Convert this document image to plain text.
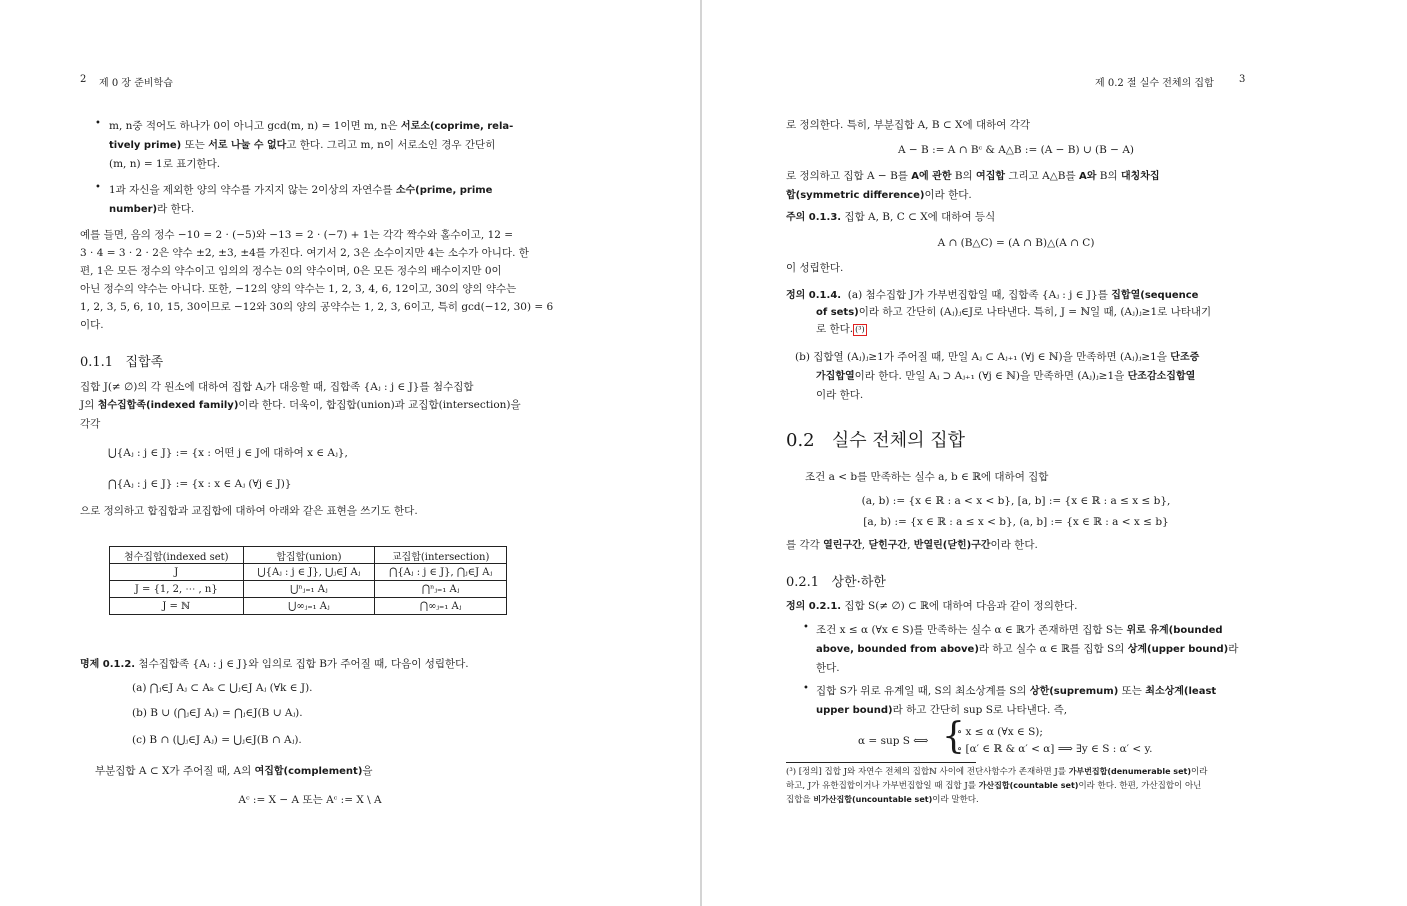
2 제 0 장 준비학습
• m, n중 적어도 하나가 0이 아니고 gcd(m, n) = 1이면 m, n은 서로소(coprime, rela-
tively prime) 또는 서로 나눌 수 없다고 한다. 그리고 m, n이 서로소인 경우 간단히
(m, n) = 1로 표기한다.
• 1과 자신을 제외한 양의 약수를 가지지 않는 2이상의 자연수를 소수(prime, prime
number)라 한다.
예를 들면, 음의 정수 −10 = 2 · (−5)와 −13 = 2 · (−7) + 1는 각각 짝수와 홀수이고, 12 =
3 · 4 = 3 · 2 · 2은 약수 ±2, ±3, ±4를 가진다. 여기서 2, 3은 소수이지만 4는 소수가 아니다. 한
편, 1은 모든 정수의 약수이고 임의의 정수는 0의 약수이며, 0은 모든 정수의 배수이지만 0이
아닌 정수의 약수는 아니다. 또한, −12의 양의 약수는 1, 2, 3, 4, 6, 12이고, 30의 양의 약수는
1, 2, 3, 5, 6, 10, 15, 30이므로 −12와 30의 양의 공약수는 1, 2, 3, 6이고, 특히 gcd(−12, 30) = 6
이다.
0.1.1 집합족
집합 J(≠ ∅)의 각 원소에 대하여 집합 Aⱼ가 대응할 때, 집합족 {Aⱼ : j ∈ J}를 첨수집합
J의 첨수집합족(indexed family)이라 한다. 더욱이, 합집합(union)과 교집합(intersection)을
각각
⋃{Aⱼ : j ∈ J} := {x : 어떤 j ∈ J에 대하여 x ∈ Aⱼ},
⋂{Aⱼ : j ∈ J} := {x : x ∈ Aⱼ (∀j ∈ J)}
으로 정의하고 합집합과 교집합에 대하여 아래와 같은 표현을 쓰기도 한다.
첨수집합(indexed set)	합집합(union)	교집합(intersection)
J	⋃{Aⱼ : j ∈ J}, ⋃ⱼ∈J Aⱼ	⋂{Aⱼ : j ∈ J}, ⋂ⱼ∈J Aⱼ
J = {1, 2, ⋯ , n}	⋃ⁿⱼ₌₁ Aⱼ	⋂ⁿⱼ₌₁ Aⱼ
J = ℕ	⋃∞ⱼ₌₁ Aⱼ	⋂∞ⱼ₌₁ Aⱼ
명제 0.1.2. 첨수집합족 {Aⱼ : j ∈ J}와 임의로 집합 B가 주어질 때, 다음이 성립한다.
(a) ⋂ⱼ∈J Aⱼ ⊂ Aₖ ⊂ ⋃ⱼ∈J Aⱼ (∀k ∈ J).
(b) B ∪ (⋂ⱼ∈J Aⱼ) = ⋂ⱼ∈J(B ∪ Aⱼ).
(c) B ∩ (⋃ⱼ∈J Aⱼ) = ⋃ⱼ∈J(B ∩ Aⱼ).
부분집합 A ⊂ X가 주어질 때, A의 여집합(complement)을
Aᶜ := X − A 또는 Aᶜ := X \ A
제 0.2 절 실수 전체의 집합	3
로 정의한다. 특히, 부분집합 A, B ⊂ X에 대하여 각각
A − B := A ∩ Bᶜ & A△B := (A − B) ∪ (B − A)
로 정의하고 집합 A − B를 A에 관한 B의 여집합 그리고 A△B를 A와 B의 대칭차집
합(symmetric difference)이라 한다.
주의 0.1.3. 집합 A, B, C ⊂ X에 대하여 등식
A ∩ (B△C) = (A ∩ B)△(A ∩ C)
이 성립한다.
정의 0.1.4. (a) 첨수집합 J가 가부번집합일 때, 집합족 {Aⱼ : j ∈ J}를 집합열(sequence
of sets)이라 하고 간단히 (Aⱼ)ⱼ∈J로 나타낸다. 특히, J = ℕ일 때, (Aⱼ)ⱼ≥1로 나타내기
로 한다. (³)
(b) 집합열 (Aⱼ)ⱼ≥1가 주어질 때, 만일 Aⱼ ⊂ Aⱼ₊₁ (∀j ∈ ℕ)을 만족하면 (Aⱼ)ⱼ≥1을 단조증
가집합열이라 한다. 만일 Aⱼ ⊃ Aⱼ₊₁ (∀j ∈ ℕ)을 만족하면 (Aⱼ)ⱼ≥1을 단조감소집합열
이라 한다.
0.2 실수 전체의 집합
조건 a < b를 만족하는 실수 a, b ∈ ℝ에 대하여 집합
(a, b) := {x ∈ ℝ : a < x < b}, [a, b] := {x ∈ ℝ : a ≤ x ≤ b},
[a, b) := {x ∈ ℝ : a ≤ x < b}, (a, b] := {x ∈ ℝ : a < x ≤ b}
를 각각 열린구간, 닫힌구간, 반열린(닫힌)구간이라 한다.
0.2.1 상한·하한
정의 0.2.1. 집합 S(≠ ∅) ⊂ ℝ에 대하여 다음과 같이 정의한다.
• 조건 x ≤ α (∀x ∈ S)를 만족하는 실수 α ∈ ℝ가 존재하면 집합 S는 위로 유계(bounded
above, bounded from above)라 하고 실수 α ∈ ℝ를 집합 S의 상계(upper bound)라
한다.
• 집합 S가 위로 유계일 때, S의 최소상계를 S의 상한(supremum) 또는 최소상계(least
upper bound)라 하고 간단히 sup S로 나타낸다. 즉,
α = sup S ⟺ {
∘ x ≤ α (∀x ∈ S);
∘ [α′ ∈ ℝ & α′ < α] ⟹ ∃y ∈ S : α′ < y.
(³) [정의] 집합 J와 자연수 전체의 집합ℕ 사이에 전단사함수가 존재하면 J를 가부번집합(denumerable set)이라
하고, J가 유한집합이거나 가부번집합일 때 집합 J를 가산집합(countable set)이라 한다. 한편, 가산집합이 아닌
집합을 비가산집합(uncountable set)이라 말한다.
